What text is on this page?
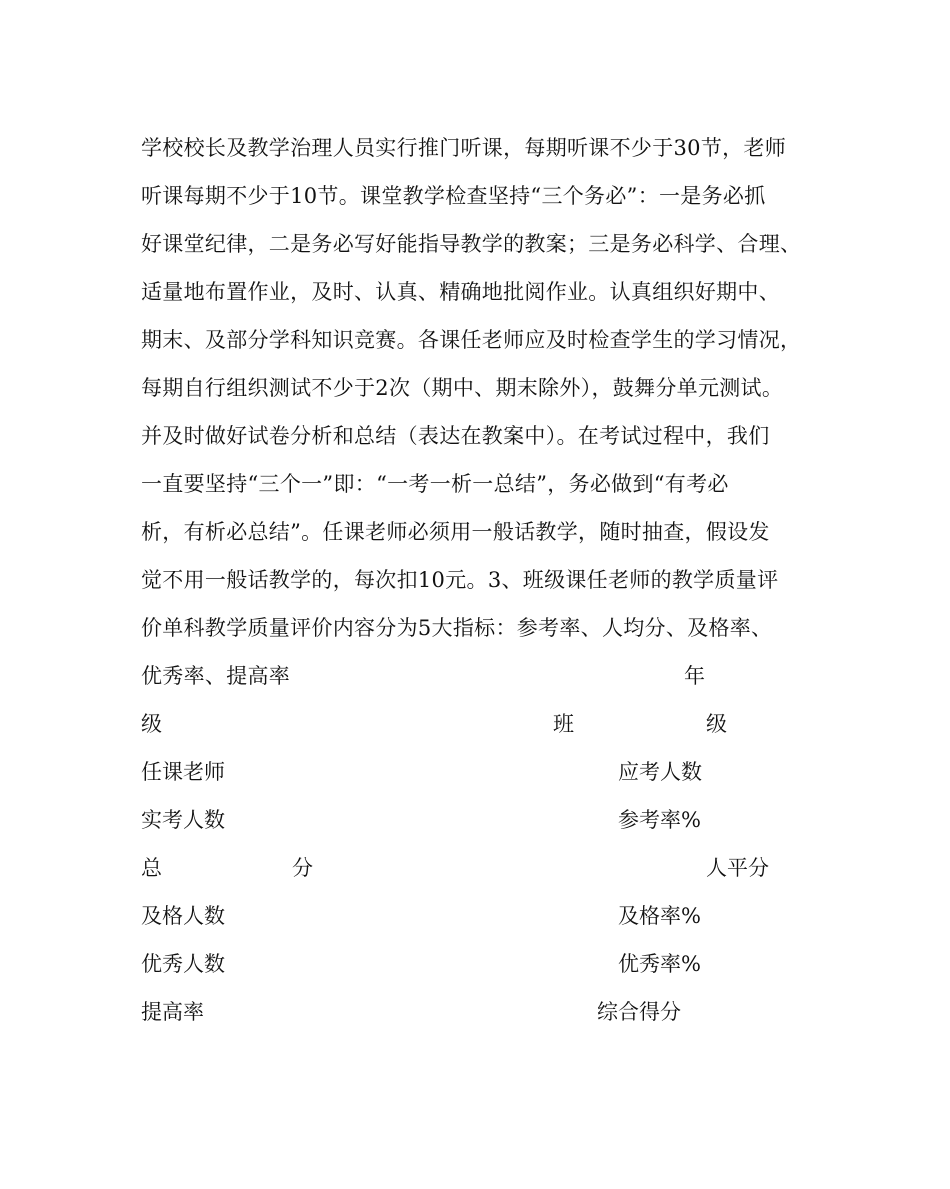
学校校长及教学治理人员实行推门听课，每期听课不少于30节，老师
听课每期不少于10节。课堂教学检查坚持“三个务必”：一是务必抓
好课堂纪律，二是务必写好能指导教学的教案；三是务必科学、合理、
适量地布置作业，及时、认真、精确地批阅作业。认真组织好期中、
期末、及部分学科知识竞赛。各课任老师应及时检查学生的学习情况，
每期自行组织测试不少于2次（期中、期末除外），鼓舞分单元测试。
并及时做好试卷分析和总结（表达在教案中）。在考试过程中，我们
一直要坚持“三个一”即：“一考一析一总结”，务必做到“有考必
析，有析必总结”。任课老师必须用一般话教学，随时抽查，假设发
觉不用一般话教学的，每次扣10元。3、班级课任老师的教学质量评
价单科教学质量评价内容分为5大指标：参考率、人均分、及格率、
优秀率、提高率	年
级	班	级
任课老师	应考人数
实考人数	参考率%
总	分	人平分
及格人数	及格率%
优秀人数	优秀率%
提高率	综合得分
